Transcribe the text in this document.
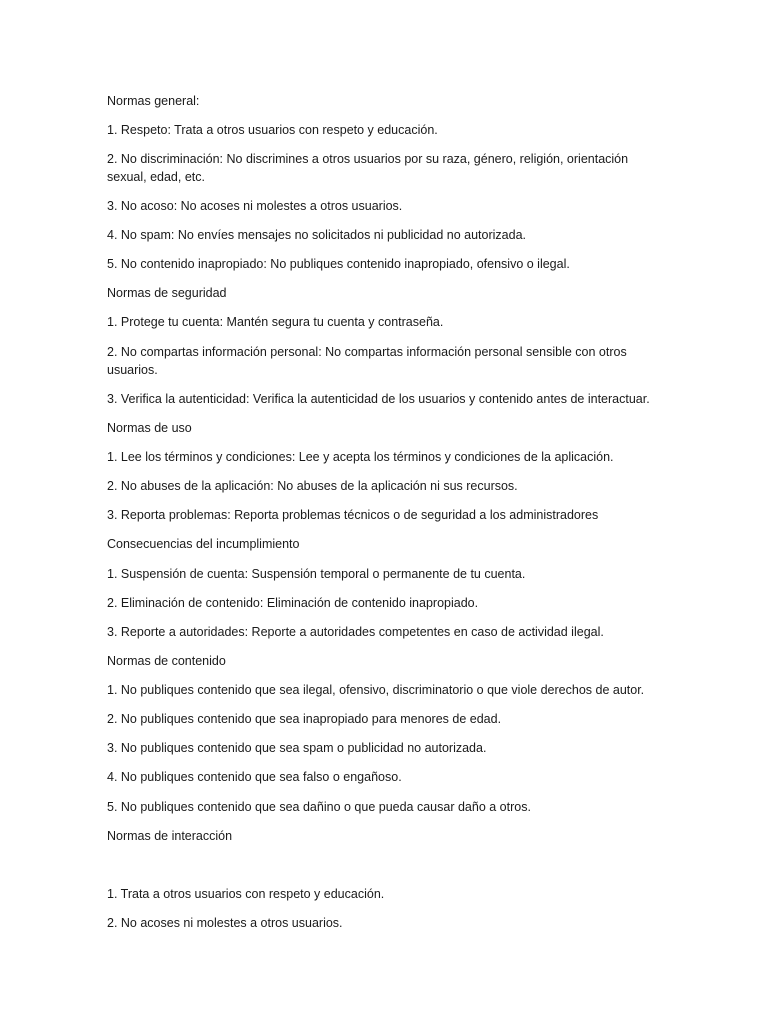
Normas general:

1. Respeto: Trata a otros usuarios con respeto y educación.

2. No discriminación: No discrimines a otros usuarios por su raza, género, religión, orientación sexual, edad, etc.

3. No acoso: No acoses ni molestes a otros usuarios.

4. No spam: No envíes mensajes no solicitados ni publicidad no autorizada.

5. No contenido inapropiado: No publiques contenido inapropiado, ofensivo o ilegal.

Normas de seguridad

1. Protege tu cuenta: Mantén segura tu cuenta y contraseña.

2. No compartas información personal: No compartas información personal sensible con otros usuarios.

3. Verifica la autenticidad: Verifica la autenticidad de los usuarios y contenido antes de interactuar.

Normas de uso

1. Lee los términos y condiciones: Lee y acepta los términos y condiciones de la aplicación.

2. No abuses de la aplicación: No abuses de la aplicación ni sus recursos.

3. Reporta problemas: Reporta problemas técnicos o de seguridad a los administradores

Consecuencias del incumplimiento

1. Suspensión de cuenta: Suspensión temporal o permanente de tu cuenta.

2. Eliminación de contenido: Eliminación de contenido inapropiado.

3. Reporte a autoridades: Reporte a autoridades competentes en caso de actividad ilegal.

Normas de contenido

1. No publiques contenido que sea ilegal, ofensivo, discriminatorio o que viole derechos de autor.

2. No publiques contenido que sea inapropiado para menores de edad.

3. No publiques contenido que sea spam o publicidad no autorizada.

4. No publiques contenido que sea falso o engañoso.

5. No publiques contenido que sea dañino o que pueda causar daño a otros.

Normas de interacción

1. Trata a otros usuarios con respeto y educación.

2. No acoses ni molestes a otros usuarios.
